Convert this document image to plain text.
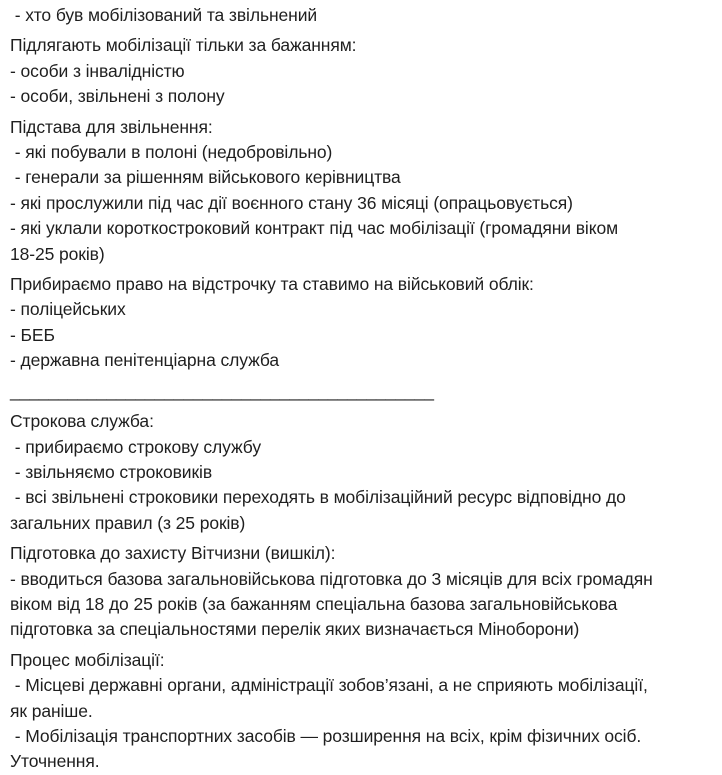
- хто був мобілізований та звільнений
Підлягають мобілізації тільки за бажанням:
- особи з інвалідністю
- особи, звільнені з полону
Підстава для звільнення:
- які побували в полоні (недобровільно)
- генерали за рішенням військового керівництва
- які прослужили під час дії воєнного стану 36 місяці (опрацьовується)
- які уклали короткостроковий контракт під час мобілізації (громадяни віком
18-25 років)
Прибираємо право на відстрочку та ставимо на військовий облік:
- поліцейських
- БЕБ
- державна пенітенціарна служба
____________________________________________
Строкова служба:
- прибираємо строкову службу
- звільняємо строковиків
- всі звільнені строковики переходять в мобілізаційний ресурс відповідно до
загальних правил (з 25 років)
Підготовка до захисту Вітчизни (вишкіл):
- вводиться базова загальновійськова підготовка до 3 місяців для всіх громадян
віком від 18 до 25 років (за бажанням спеціальна базова загальновійськова
підготовка за спеціальностями перелік яких визначається Міноборони)
Процес мобілізації:
- Місцеві державні органи, адміністрації зобов’язані, а не сприяють мобілізації,
як раніше.
- Мобілізація транспортних засобів — розширення на всіх, крім фізичних осіб.
Уточнення.
